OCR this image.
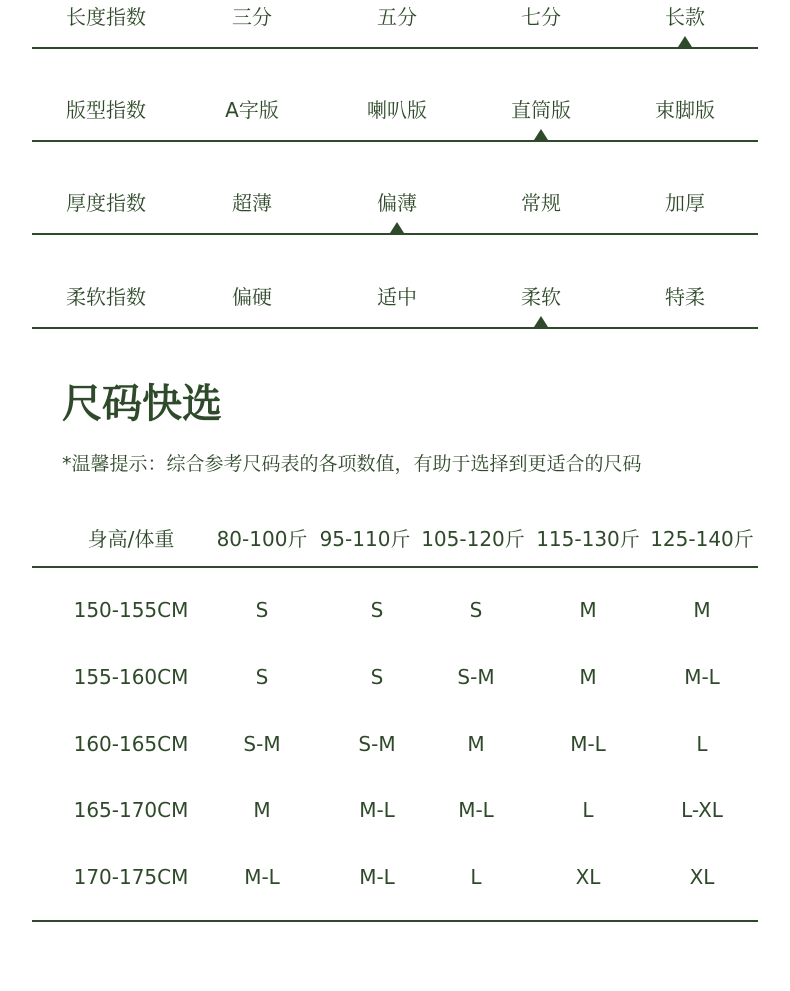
长度指数	三分	五分	七分	长款
版型指数	A字版	喇叭版	直筒版	束脚版
厚度指数	超薄	偏薄	常规	加厚
柔软指数	偏硬	适中	柔软	特柔
尺码快选
*温馨提示：综合参考尺码表的各项数值，有助于选择到更适合的尺码
身高/体重	80-100斤 95-110斤 105-120斤 115-130斤 125-140斤
150-155CM	S	S	S	M	M
155-160CM	S	S	S-M	M	M-L
160-165CM	S-M	S-M	M	M-L	L
165-170CM	M	M-L	M-L	L	L-XL
170-175CM	M-L	M-L	L	XL	XL
